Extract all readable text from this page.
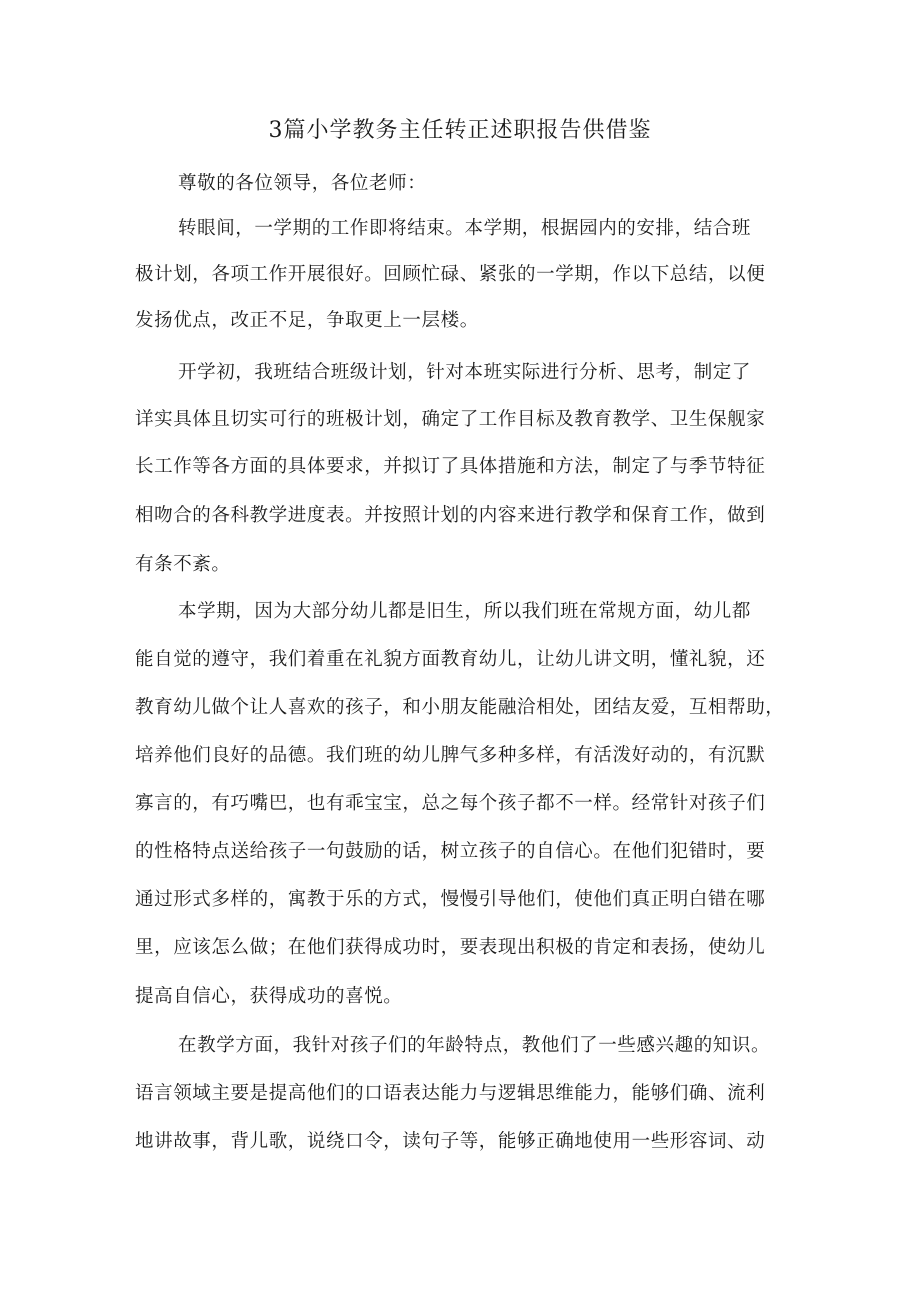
3篇小学教务主任转正述职报告供借鉴
尊敬的各位领导，各位老师：
转眼间，一学期的工作即将结束。本学期，根据园内的安排，结合班
极计划，各项工作开展很好。回顾忙碌、紧张的一学期，作以下总结，以便
发扬优点，改正不足，争取更上一层楼。
开学初，我班结合班级计划，针对本班实际进行分析、思考，制定了
详实具体且切实可行的班极计划，确定了工作目标及教育教学、卫生保舰家
长工作等各方面的具体要求，并拟订了具体措施和方法，制定了与季节特征
相吻合的各科教学进度表。并按照计划的内容来进行教学和保育工作，做到
有条不紊。
本学期，因为大部分幼儿都是旧生，所以我们班在常规方面，幼儿都
能自觉的遵守，我们着重在礼貌方面教育幼儿，让幼儿讲文明，懂礼貌，还
教育幼儿做个让人喜欢的孩子，和小朋友能融洽相处，团结友爱，互相帮助，
培养他们良好的品德。我们班的幼儿脾气多种多样，有活泼好动的，有沉默
寡言的，有巧嘴巴，也有乖宝宝，总之每个孩子都不一样。经常针对孩子们
的性格特点送给孩子一句鼓励的话，树立孩子的自信心。在他们犯错时，要
通过形式多样的，寓教于乐的方式，慢慢引导他们，使他们真正明白错在哪
里，应该怎么做；在他们获得成功时，要表现出积极的肯定和表扬，使幼儿
提高自信心，获得成功的喜悦。
在教学方面，我针对孩子们的年龄特点，教他们了一些感兴趣的知识。
语言领域主要是提高他们的口语表达能力与逻辑思维能力，能够们确、流利
地讲故事，背儿歌，说绕口令，读句子等，能够正确地使用一些形容词、动
